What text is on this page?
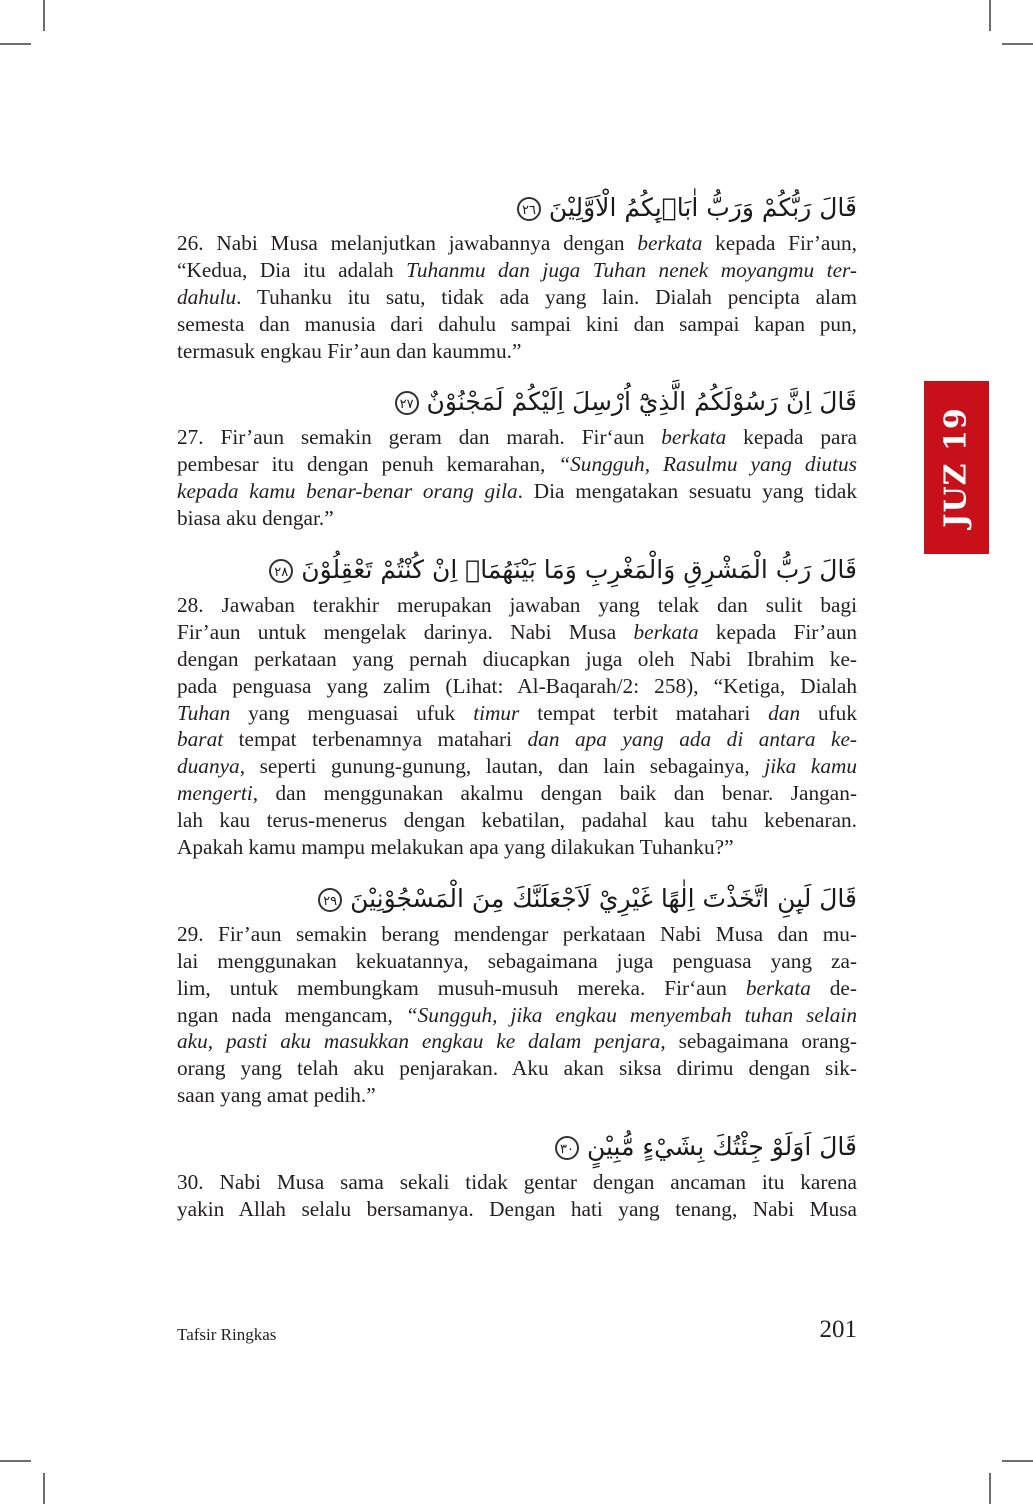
قَالَ رَبُّكُمْ وَرَبُّ اٰبَاۤىِٕكُمُ الْاَوَّلِيْنَ ٢٦
26. Nabi Musa melanjutkan jawabannya dengan berkata kepada Fir’aun,
“Kedua, Dia itu adalah Tuhanmu dan juga Tuhan nenek moyangmu ter-
dahulu. Tuhanku itu satu, tidak ada yang lain. Dialah pencipta alam
semesta dan manusia dari dahulu sampai kini dan sampai kapan pun,
termasuk engkau Fir’aun dan kaummu.”
قَالَ اِنَّ رَسُوْلَكُمُ الَّذِيْٓ اُرْسِلَ اِلَيْكُمْ لَمَجْنُوْنٌ ٢٧
27. Fir’aun semakin geram dan marah. Fir‘aun berkata kepada para
pembesar itu dengan penuh kemarahan, “Sungguh, Rasulmu yang diutus
kepada kamu benar-benar orang gila. Dia mengatakan sesuatu yang tidak
biasa aku dengar.”
قَالَ رَبُّ الْمَشْرِقِ وَالْمَغْرِبِ وَمَا بَيْنَهُمَاۗ اِنْ كُنْتُمْ تَعْقِلُوْنَ ٢٨
28. Jawaban terakhir merupakan jawaban yang telak dan sulit bagi
Fir’aun untuk mengelak darinya. Nabi Musa berkata kepada Fir’aun
dengan perkataan yang pernah diucapkan juga oleh Nabi Ibrahim ke-
pada penguasa yang zalim (Lihat: Al-Baqarah/2: 258), “Ketiga, Dialah
Tuhan yang menguasai ufuk timur tempat terbit matahari dan ufuk
barat tempat terbenamnya matahari dan apa yang ada di antara ke-
duanya, seperti gunung-gunung, lautan, dan lain sebagainya, jika kamu
mengerti, dan menggunakan akalmu dengan baik dan benar. Jangan-
lah kau terus-menerus dengan kebatilan, padahal kau tahu kebenaran.
Apakah kamu mampu melakukan apa yang dilakukan Tuhanku?”
قَالَ لَىِٕنِ اتَّخَذْتَ اِلٰهًا غَيْرِيْ لَاَجْعَلَنَّكَ مِنَ الْمَسْجُوْنِيْنَ ٢٩
29. Fir’aun semakin berang mendengar perkataan Nabi Musa dan mu-
lai menggunakan kekuatannya, sebagaimana juga penguasa yang za-
lim, untuk membungkam musuh-musuh mereka. Fir‘aun berkata de-
ngan nada mengancam, “Sungguh, jika engkau menyembah tuhan selain
aku, pasti aku masukkan engkau ke dalam penjara, sebagaimana orang-
orang yang telah aku penjarakan. Aku akan siksa dirimu dengan sik-
saan yang amat pedih.”
قَالَ اَوَلَوْ جِئْتُكَ بِشَيْءٍ مُّبِيْنٍ ٣٠
30. Nabi Musa sama sekali tidak gentar dengan ancaman itu karena
yakin Allah selalu bersamanya. Dengan hati yang tenang, Nabi Musa
JUZ 19
Tafsir Ringkas	201
